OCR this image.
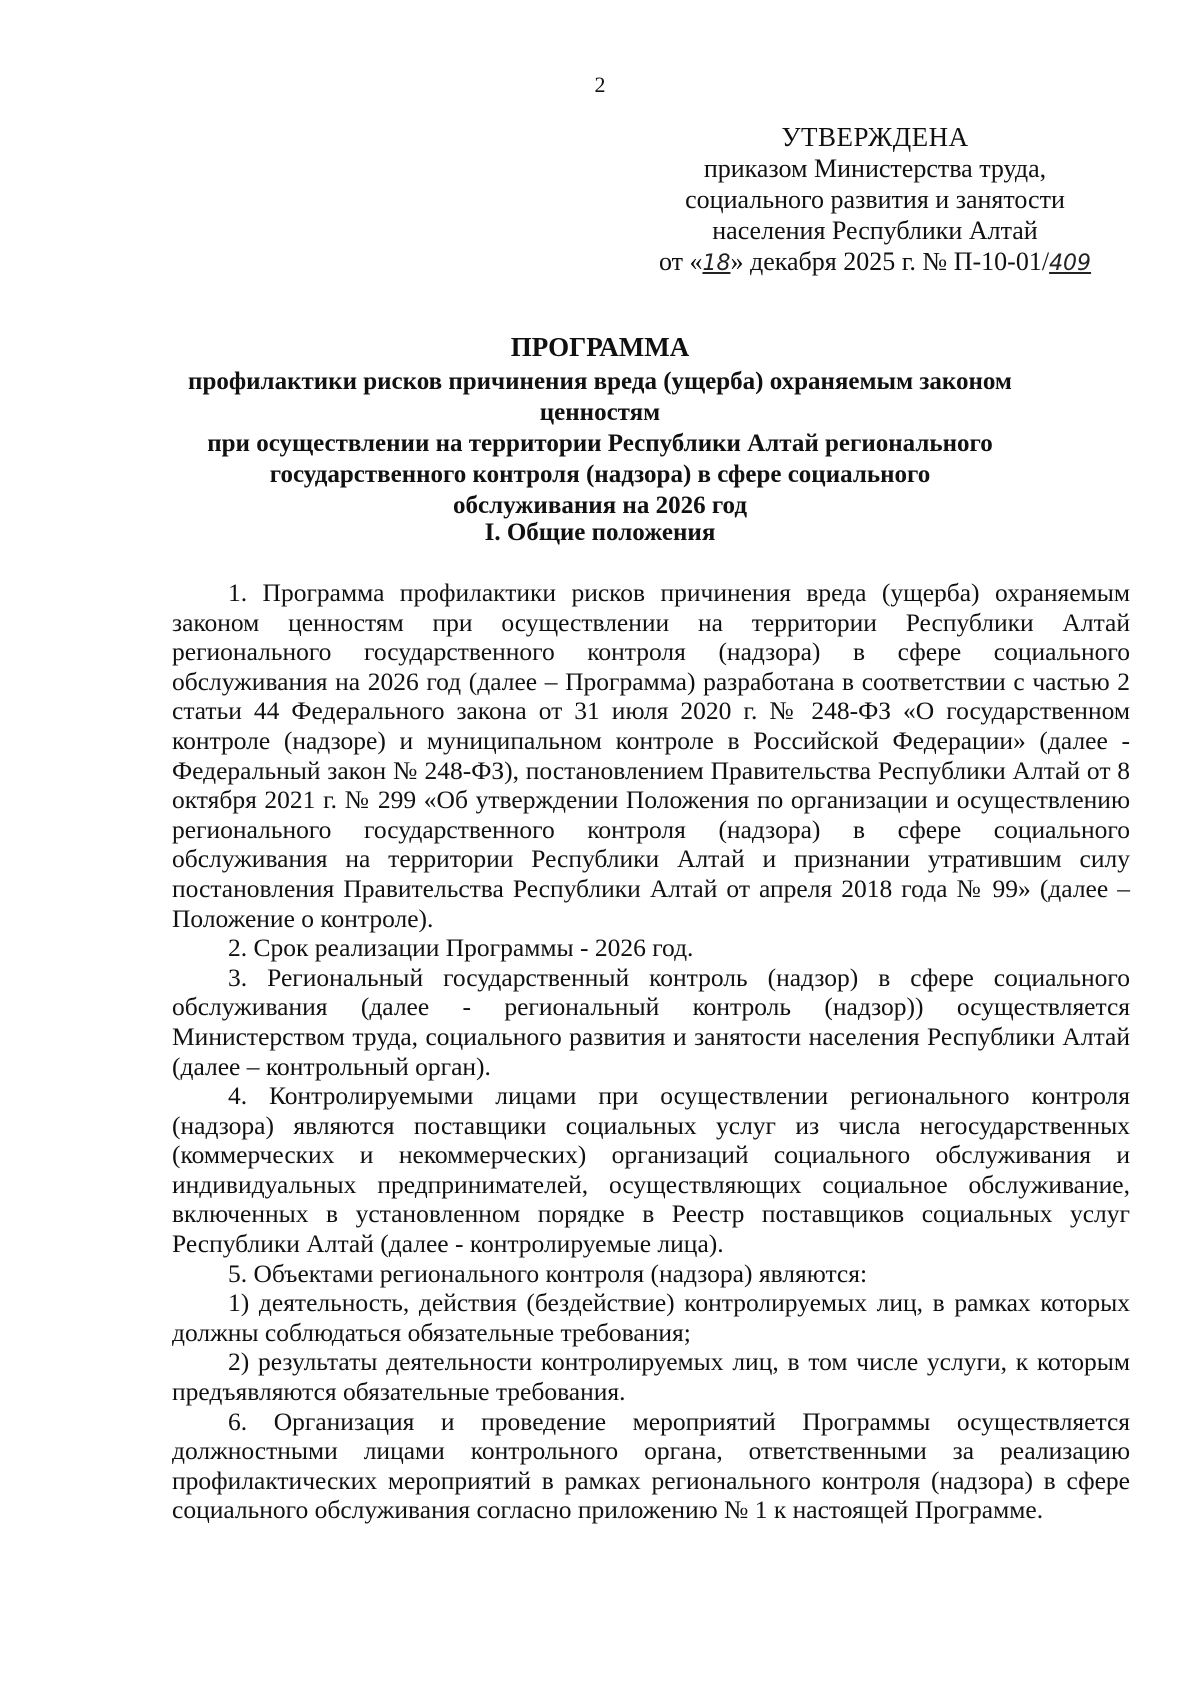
2
УТВЕРЖДЕНА
приказом Министерства труда,
социального развития и занятости
населения Республики Алтай
от «18» декабря 2025 г. № П-10-01/409
ПРОГРАММА
профилактики рисков причинения вреда (ущерба) охраняемым законом ценностям
при осуществлении на территории Республики Алтай регионального
государственного контроля (надзора) в сфере социального
обслуживания на 2026 год
I. Общие положения

1. Программа профилактики рисков причинения вреда (ущерба) охраняемым законом ценностям при осуществлении на территории Республики Алтай регионального государственного контроля (надзора) в сфере социального обслуживания на 2026 год (далее – Программа) разработана в соответствии с частью 2 статьи 44 Федерального закона от 31 июля 2020 г. № 248-ФЗ «О государственном контроле (надзоре) и муниципальном контроле в Российской Федерации» (далее - Федеральный закон № 248-ФЗ), постановлением Правительства Республики Алтай от 8 октября 2021 г. № 299 «Об утверждении Положения по организации и осуществлению регионального государственного контроля (надзора) в сфере социального обслуживания на территории Республики Алтай и признании утратившим силу постановления Правительства Республики Алтай от апреля 2018 года № 99» (далее – Положение о контроле).

2. Срок реализации Программы - 2026 год.

3. Региональный государственный контроль (надзор) в сфере социального обслуживания (далее - региональный контроль (надзор)) осуществляется Министерством труда, социального развития и занятости населения Республики Алтай (далее – контрольный орган).

4. Контролируемыми лицами при осуществлении регионального контроля (надзора) являются поставщики социальных услуг из числа негосударственных (коммерческих и некоммерческих) организаций социального обслуживания и индивидуальных предпринимателей, осуществляющих социальное обслуживание, включенных в установленном порядке в Реестр поставщиков социальных услуг Республики Алтай (далее - контролируемые лица).

5. Объектами регионального контроля (надзора) являются:

1) деятельность, действия (бездействие) контролируемых лиц, в рамках которых должны соблюдаться обязательные требования;

2) результаты деятельности контролируемых лиц, в том числе услуги, к которым предъявляются обязательные требования.

6. Организация и проведение мероприятий Программы осуществляется должностными лицами контрольного органа, ответственными за реализацию профилактических мероприятий в рамках регионального контроля (надзора) в сфере социального обслуживания согласно приложению № 1 к настоящей Программе.
